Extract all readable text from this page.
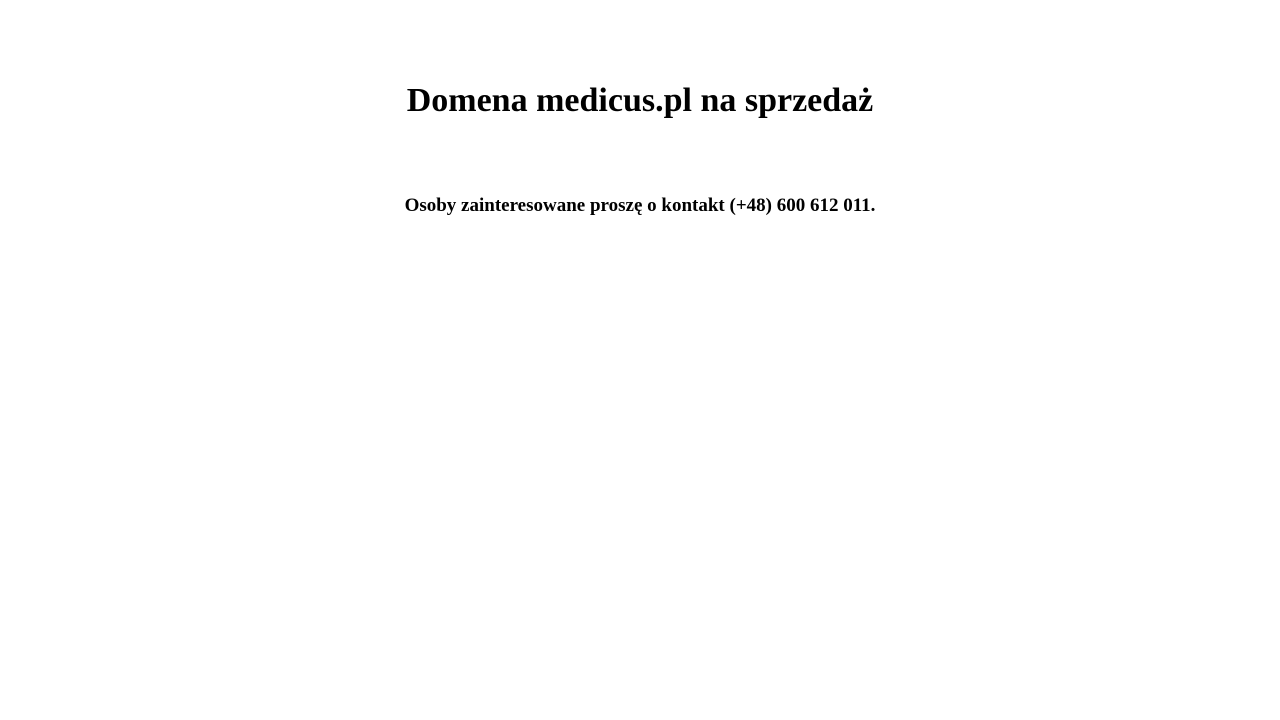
Domena medicus.pl na sprzedaż

Osoby zainteresowane proszę o kontakt (+48) 600 612 011.
